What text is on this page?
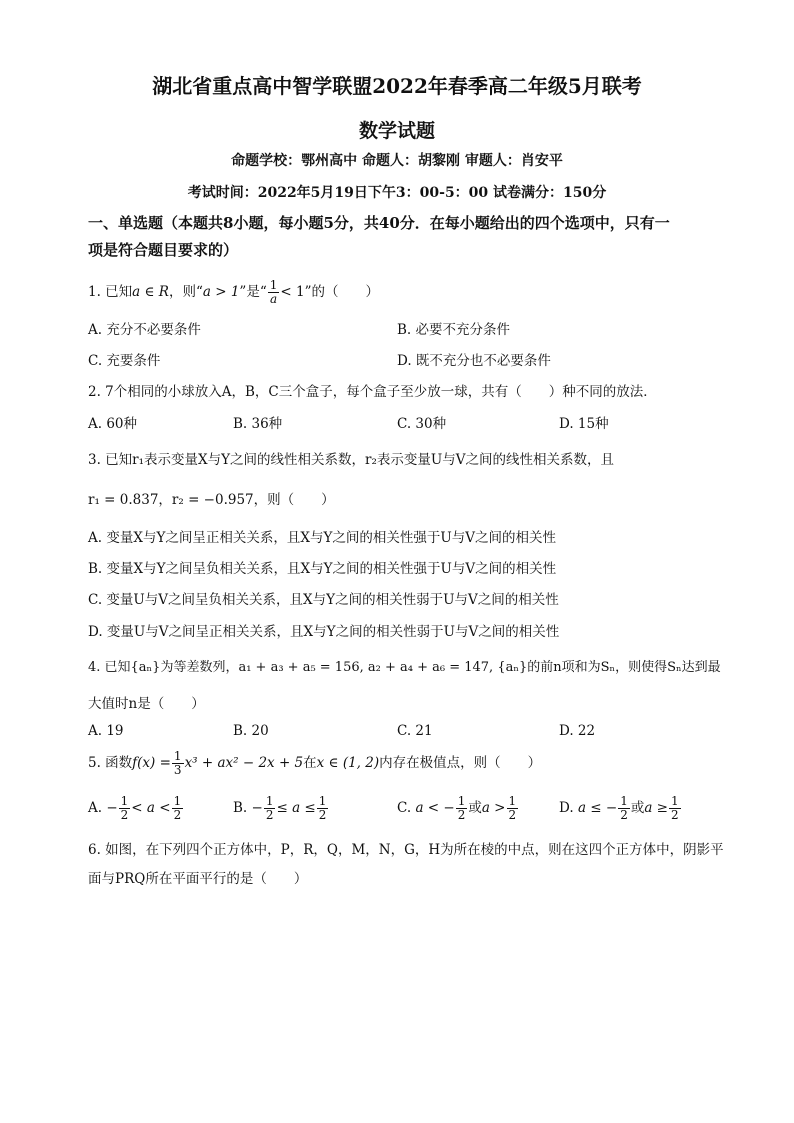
湖北省重点高中智学联盟2022年春季高二年级5月联考
数学试题
命题学校：鄂州高中 命题人：胡黎刚 审题人：肖安平
考试时间：2022年5月19日下午3：00-5：00 试卷满分：150分
一、单选题（本题共8小题，每小题5分，共40分．在每小题给出的四个选项中，只有一
项是符合题目要求的）
1. 已知a ∈ R，则“a > 1”是“ $\frac{1}{a} < 1$”的（　　）
A. 充分不必要条件	B. 必要不充分条件
C. 充要条件	D. 既不充分也不必要条件
2. 7个相同的小球放入A，B，C三个盒子，每个盒子至少放一球，共有（　　）种不同的放法．
A. 60种	B. 36种	C. 30种	D. 15种
3. 已知r₁表示变量X与Y之间的线性相关系数，r₂表示变量U与V之间的线性相关系数，且
r₁ = 0.837，r₂ = −0.957，则（　　）
A. 变量X与Y之间呈正相关关系，且X与Y之间的相关性强于U与V之间的相关性
B. 变量X与Y之间呈负相关关系，且X与Y之间的相关性强于U与V之间的相关性
C. 变量U与V之间呈负相关关系，且X与Y之间的相关性弱于U与V之间的相关性
D. 变量U与V之间呈正相关关系，且X与Y之间的相关性弱于U与V之间的相关性
4. 已知{aₙ}为等差数列，a₁ + a₃ + a₅ = 156, a₂ + a₄ + a₆ = 147, {aₙ}的前n项和为Sₙ，则使得Sₙ达到最
大值时n是（　　）
A. 19	B. 20	C. 21	D. 22
5. 函数$f(x) = \frac{1}{3} x^3 + ax^2 - 2x + 5$在x ∈ (1, 2)内存在极值点，则（　　）
A. − $\frac{1}{2} < a < \frac{1}{2}$	B. − $\frac{1}{2} \le a \le \frac{1}{2}$	C. a < − $\frac{1}{2}$ 或$a > \frac{1}{2}$	D. a ≤ − $\frac{1}{2}$ 或$a \ge \frac{1}{2}$
6. 如图，在下列四个正方体中，P，R，Q，M，N，G，H为所在棱的中点，则在这四个正方体中，阴影平
面与PRQ所在平面平行的是（　　）
